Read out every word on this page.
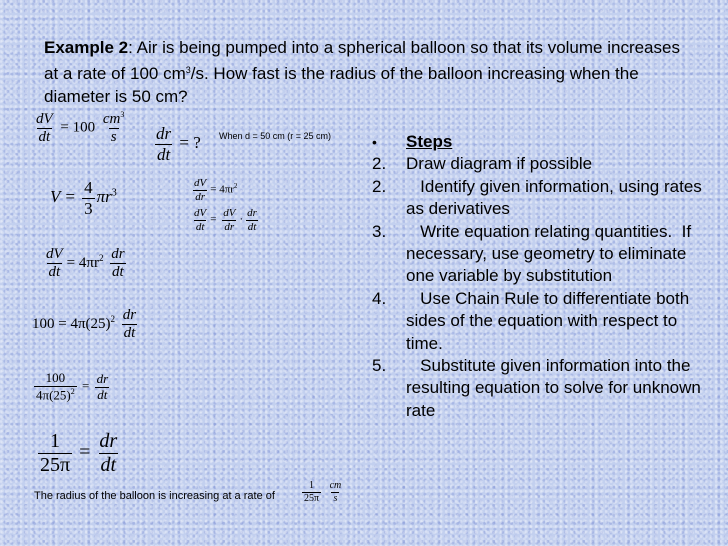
Example 2: Air is being pumped into a spherical balloon so that its volume increases at a rate of 100 $cm^3/s$. How fast is the radius of the balloon increasing when the diameter is 50 cm?
$\frac{dV}{dt} = 100 \frac{cm^3}{s} \frac{dr}{dt}$ = ? When d = 50 cm (r = 25 cm)
$V = \frac{4}{3} \pi r^3$	$\frac{dV}{dr} = 4\pi r^2$
$\frac{dV}{dt} = \frac{dV}{dr} \cdot \frac{dr}{dt}$
$\frac{dV}{dt} = 4\pi r^2 \frac{dr}{dt}$
$100 = 4\pi(25)^2 \frac{dr}{dt}$
$\frac{100}{4\pi(25)^2} = \frac{dr}{dt}$
$\frac{1}{25\pi} = \frac{dr}{dt}$
The radius of the balloon is increasing at a rate of	$\frac{1}{25\pi}$
$\frac{cm}{s}$
•	Steps
2.	Draw diagram if possible
2.	Identify given information, using rates as derivatives
3.	Write equation relating quantities.  If necessary, use geometry to eliminate one variable by substitution
4.	Use Chain Rule to differentiate both sides of the equation with respect to time.
5.	Substitute given information into the resulting equation to solve for unknown rate
